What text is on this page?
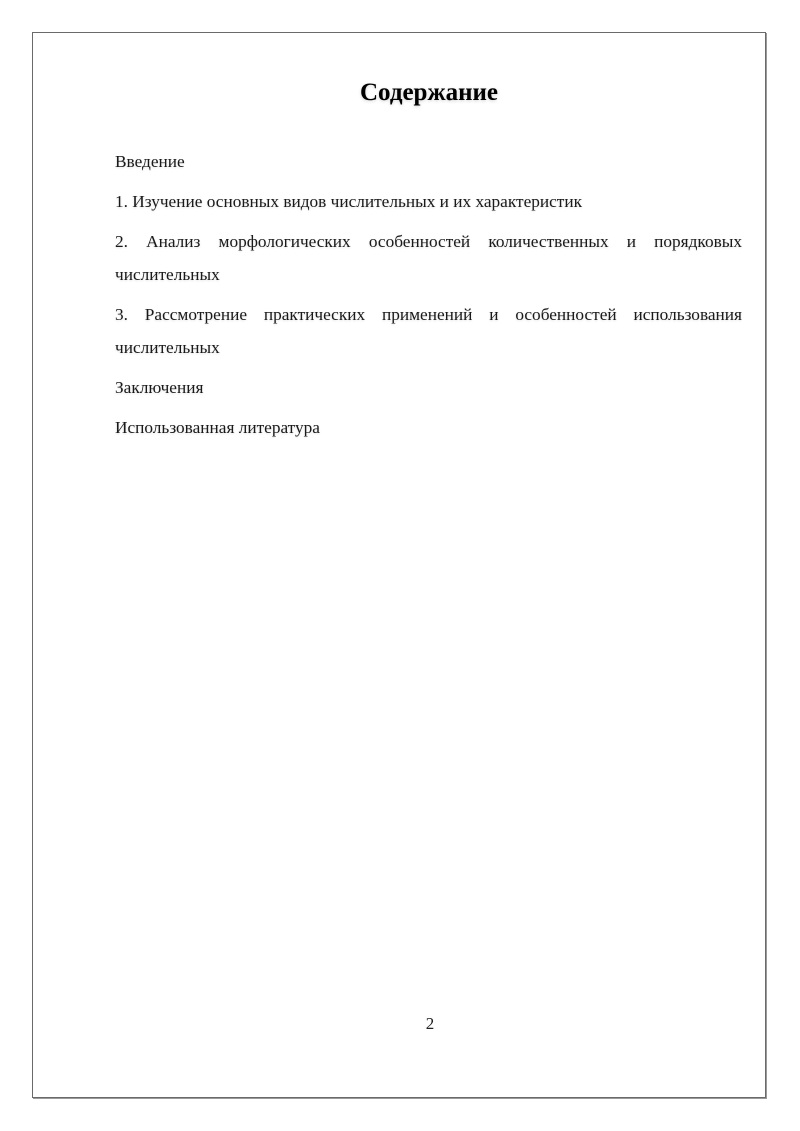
Содержание
Введение
1. Изучение основных видов числительных и их характеристик
2. Анализ морфологических особенностей количественных и порядковых числительных
3. Рассмотрение практических применений и особенностей использования числительных
Заключения
Использованная литература
2
